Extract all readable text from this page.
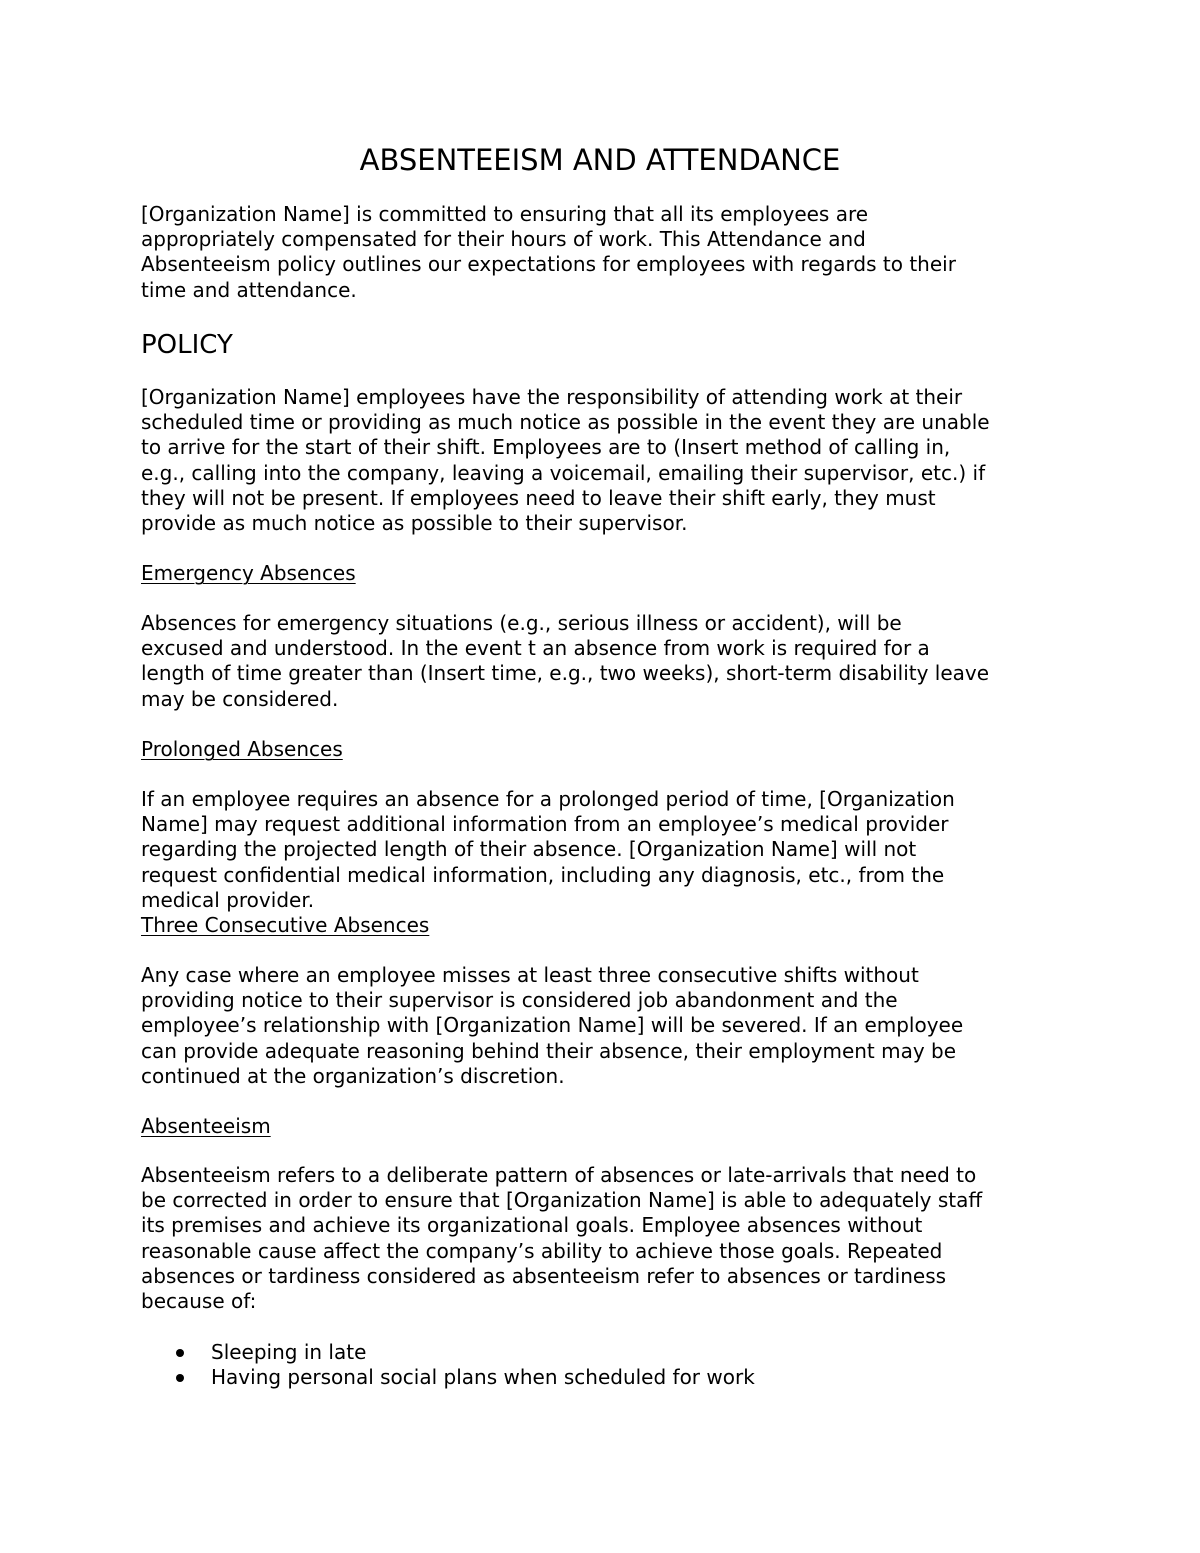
ABSENTEEISM AND ATTENDANCE

[Organization Name] is committed to ensuring that all its employees are
appropriately compensated for their hours of work. This Attendance and
Absenteeism policy outlines our expectations for employees with regards to their
time and attendance.

POLICY

[Organization Name] employees have the responsibility of attending work at their
scheduled time or providing as much notice as possible in the event they are unable
to arrive for the start of their shift. Employees are to (Insert method of calling in,
e.g., calling into the company, leaving a voicemail, emailing their supervisor, etc.) if
they will not be present. If employees need to leave their shift early, they must
provide as much notice as possible to their supervisor.

Emergency Absences

Absences for emergency situations (e.g., serious illness or accident), will be
excused and understood. In the event t an absence from work is required for a
length of time greater than (Insert time, e.g., two weeks), short-term disability leave
may be considered.

Prolonged Absences

If an employee requires an absence for a prolonged period of time, [Organization
Name] may request additional information from an employee’s medical provider
regarding the projected length of their absence. [Organization Name] will not
request confidential medical information, including any diagnosis, etc., from the
medical provider.

Three Consecutive Absences

Any case where an employee misses at least three consecutive shifts without
providing notice to their supervisor is considered job abandonment and the
employee’s relationship with [Organization Name] will be severed. If an employee
can provide adequate reasoning behind their absence, their employment may be
continued at the organization’s discretion.

Absenteeism

Absenteeism refers to a deliberate pattern of absences or late-arrivals that need to
be corrected in order to ensure that [Organization Name] is able to adequately staff
its premises and achieve its organizational goals. Employee absences without
reasonable cause affect the company’s ability to achieve those goals. Repeated
absences or tardiness considered as absenteeism refer to absences or tardiness
because of:

Sleeping in late
Having personal social plans when scheduled for work
